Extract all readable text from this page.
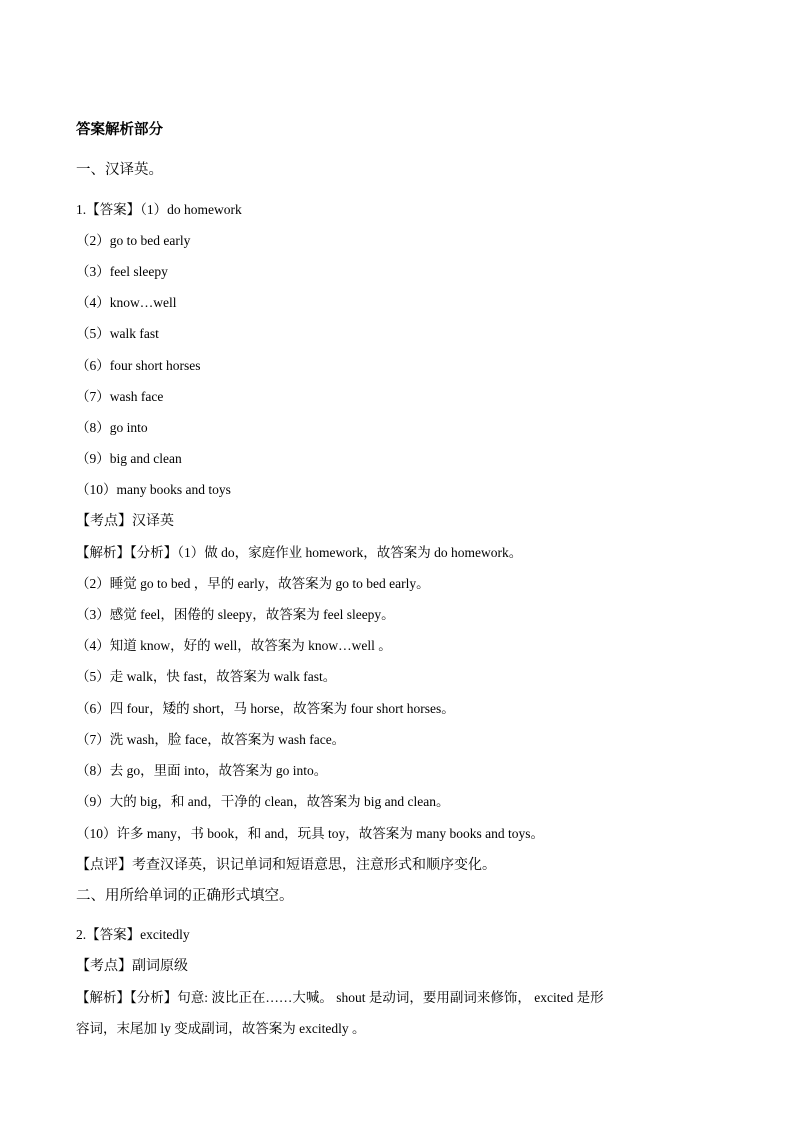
答案解析部分
一、汉译英。
1.【答案】（1）do homework
（2）go to bed early
（3）feel sleepy
（4）know…well
（5）walk fast
（6）four short horses
（7）wash face
（8）go into
（9）big and clean
（10）many books and toys
【考点】汉译英
【解析】【分析】（1）做 do，家庭作业 homework，故答案为 do homework。
（2）睡觉 go to bed ，早的 early，故答案为 go to bed early。
（3）感觉 feel，困倦的 sleepy，故答案为 feel sleepy。
（4）知道 know，好的 well，故答案为 know…well 。
（5）走 walk，快 fast，故答案为 walk fast。
（6）四 four，矮的 short，马 horse，故答案为 four short horses。
（7）洗 wash，脸 face，故答案为 wash face。
（8）去 go，里面 into，故答案为 go into。
（9）大的 big，和 and，干净的 clean，故答案为 big and clean。
（10）许多 many，书 book，和 and，玩具 toy，故答案为 many books and toys。
【点评】考查汉译英，识记单词和短语意思，注意形式和顺序变化。
二、用所给单词的正确形式填空。
2.【答案】excitedly
【考点】副词原级
【解析】【分析】句意: 波比正在……大喊。 shout 是动词，要用副词来修饰， excited 是形
容词，末尾加 ly 变成副词，故答案为 excitedly 。
